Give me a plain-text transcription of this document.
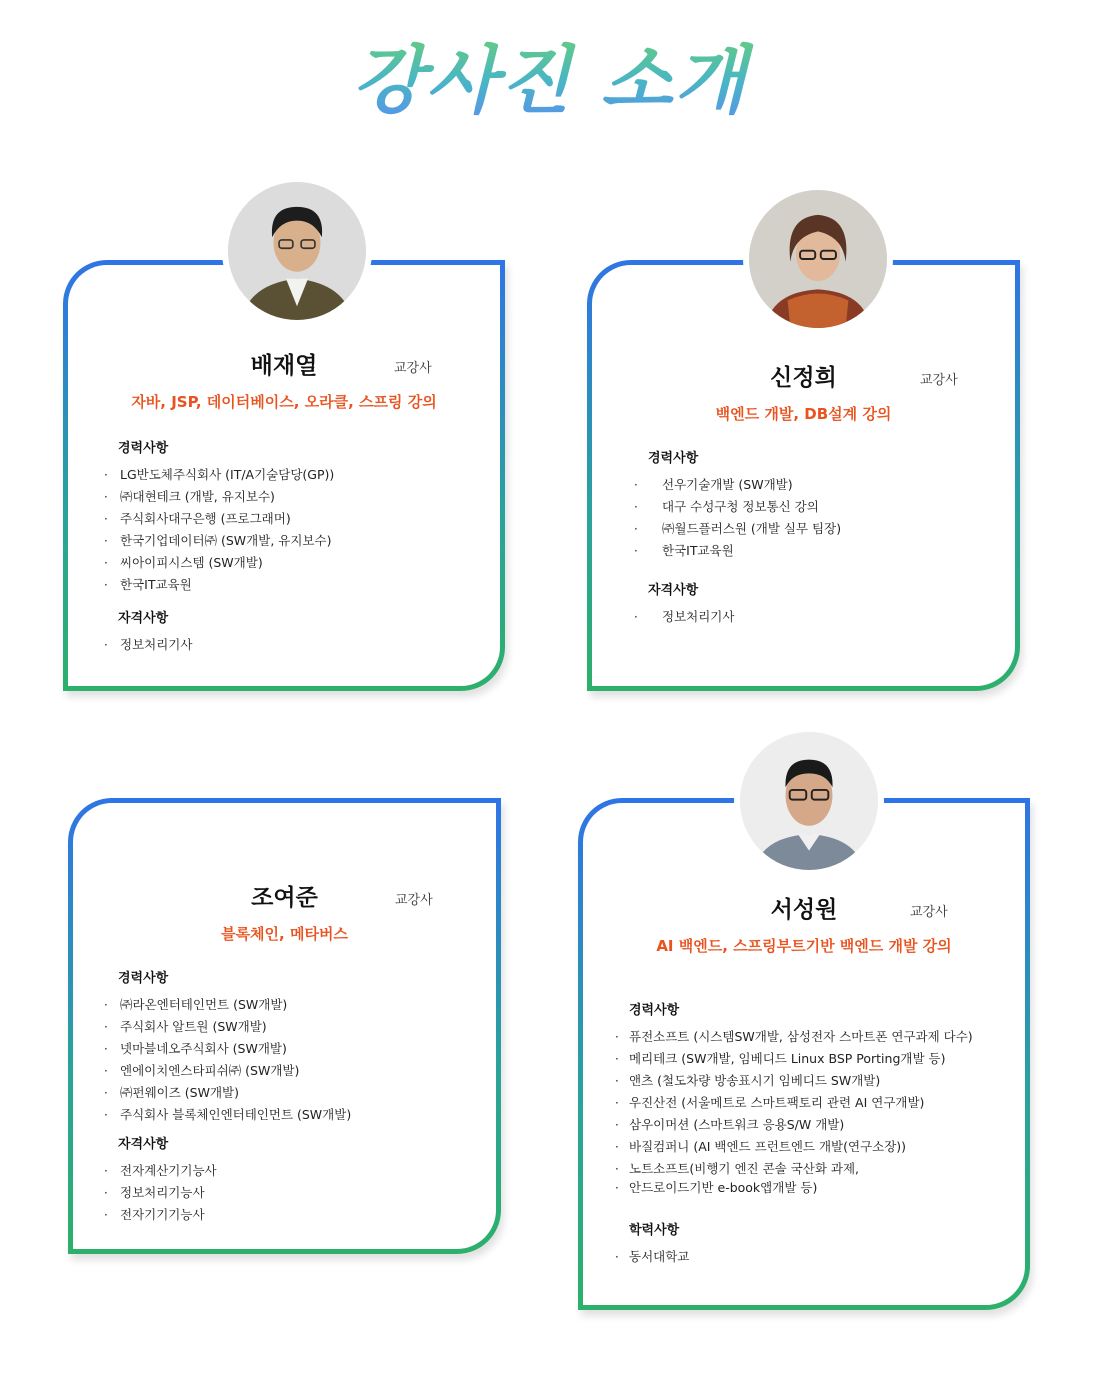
강사진 소개
배재열	교강사
자바, JSP, 데이터베이스, 오라클, 스프링 강의
경력사항
· LG반도체주식회사 (IT/A기술담당(GP))
· ㈜대현테크 (개발, 유지보수)
· 주식회사대구은행 (프로그래머)
· 한국기업데이터㈜ (SW개발, 유지보수)
· 씨아이피시스템 (SW개발)
· 한국IT교육원
자격사항
· 정보처리기사
신정희	교강사
백엔드 개발, DB설계 강의
경력사항
· 선우기술개발 (SW개발)
· 대구 수성구청 정보통신 강의
· ㈜월드플러스원 (개발 실무 팀장)
· 한국IT교육원
자격사항
· 정보처리기사
조여준	교강사
블록체인, 메타버스
경력사항
· ㈜라온엔터테인먼트 (SW개발)
· 주식회사 알트원 (SW개발)
· 넷마블네오주식회사 (SW개발)
· 엔에이치엔스타피쉬㈜ (SW개발)
· ㈜펀웨이즈 (SW개발)
· 주식회사 블록체인엔터테인먼트 (SW개발)
자격사항
· 전자계산기기능사
· 정보처리기능사
· 전자기기기능사
서성원	교강사
AI 백엔드, 스프링부트기반 백엔드 개발 강의
경력사항
· 퓨전소프트 (시스템SW개발, 삼성전자 스마트폰 연구과제 다수)
· 메리테크 (SW개발, 임베디드 Linux BSP Porting개발 등)
· 앤츠 (철도차량 방송표시기 임베디드 SW개발)
· 우진산전 (서울메트로 스마트팩토리 관련 AI 연구개발)
· 삼우이머션 (스마트워크 응용S/W 개발)
· 바질컴퍼니 (AI 백엔드 프런트엔드 개발(연구소장))
· 노트소프트(비행기 엔진 콘솔 국산화 과제,
· 안드로이드기반 e-book앱개발 등)
학력사항
· 동서대학교
